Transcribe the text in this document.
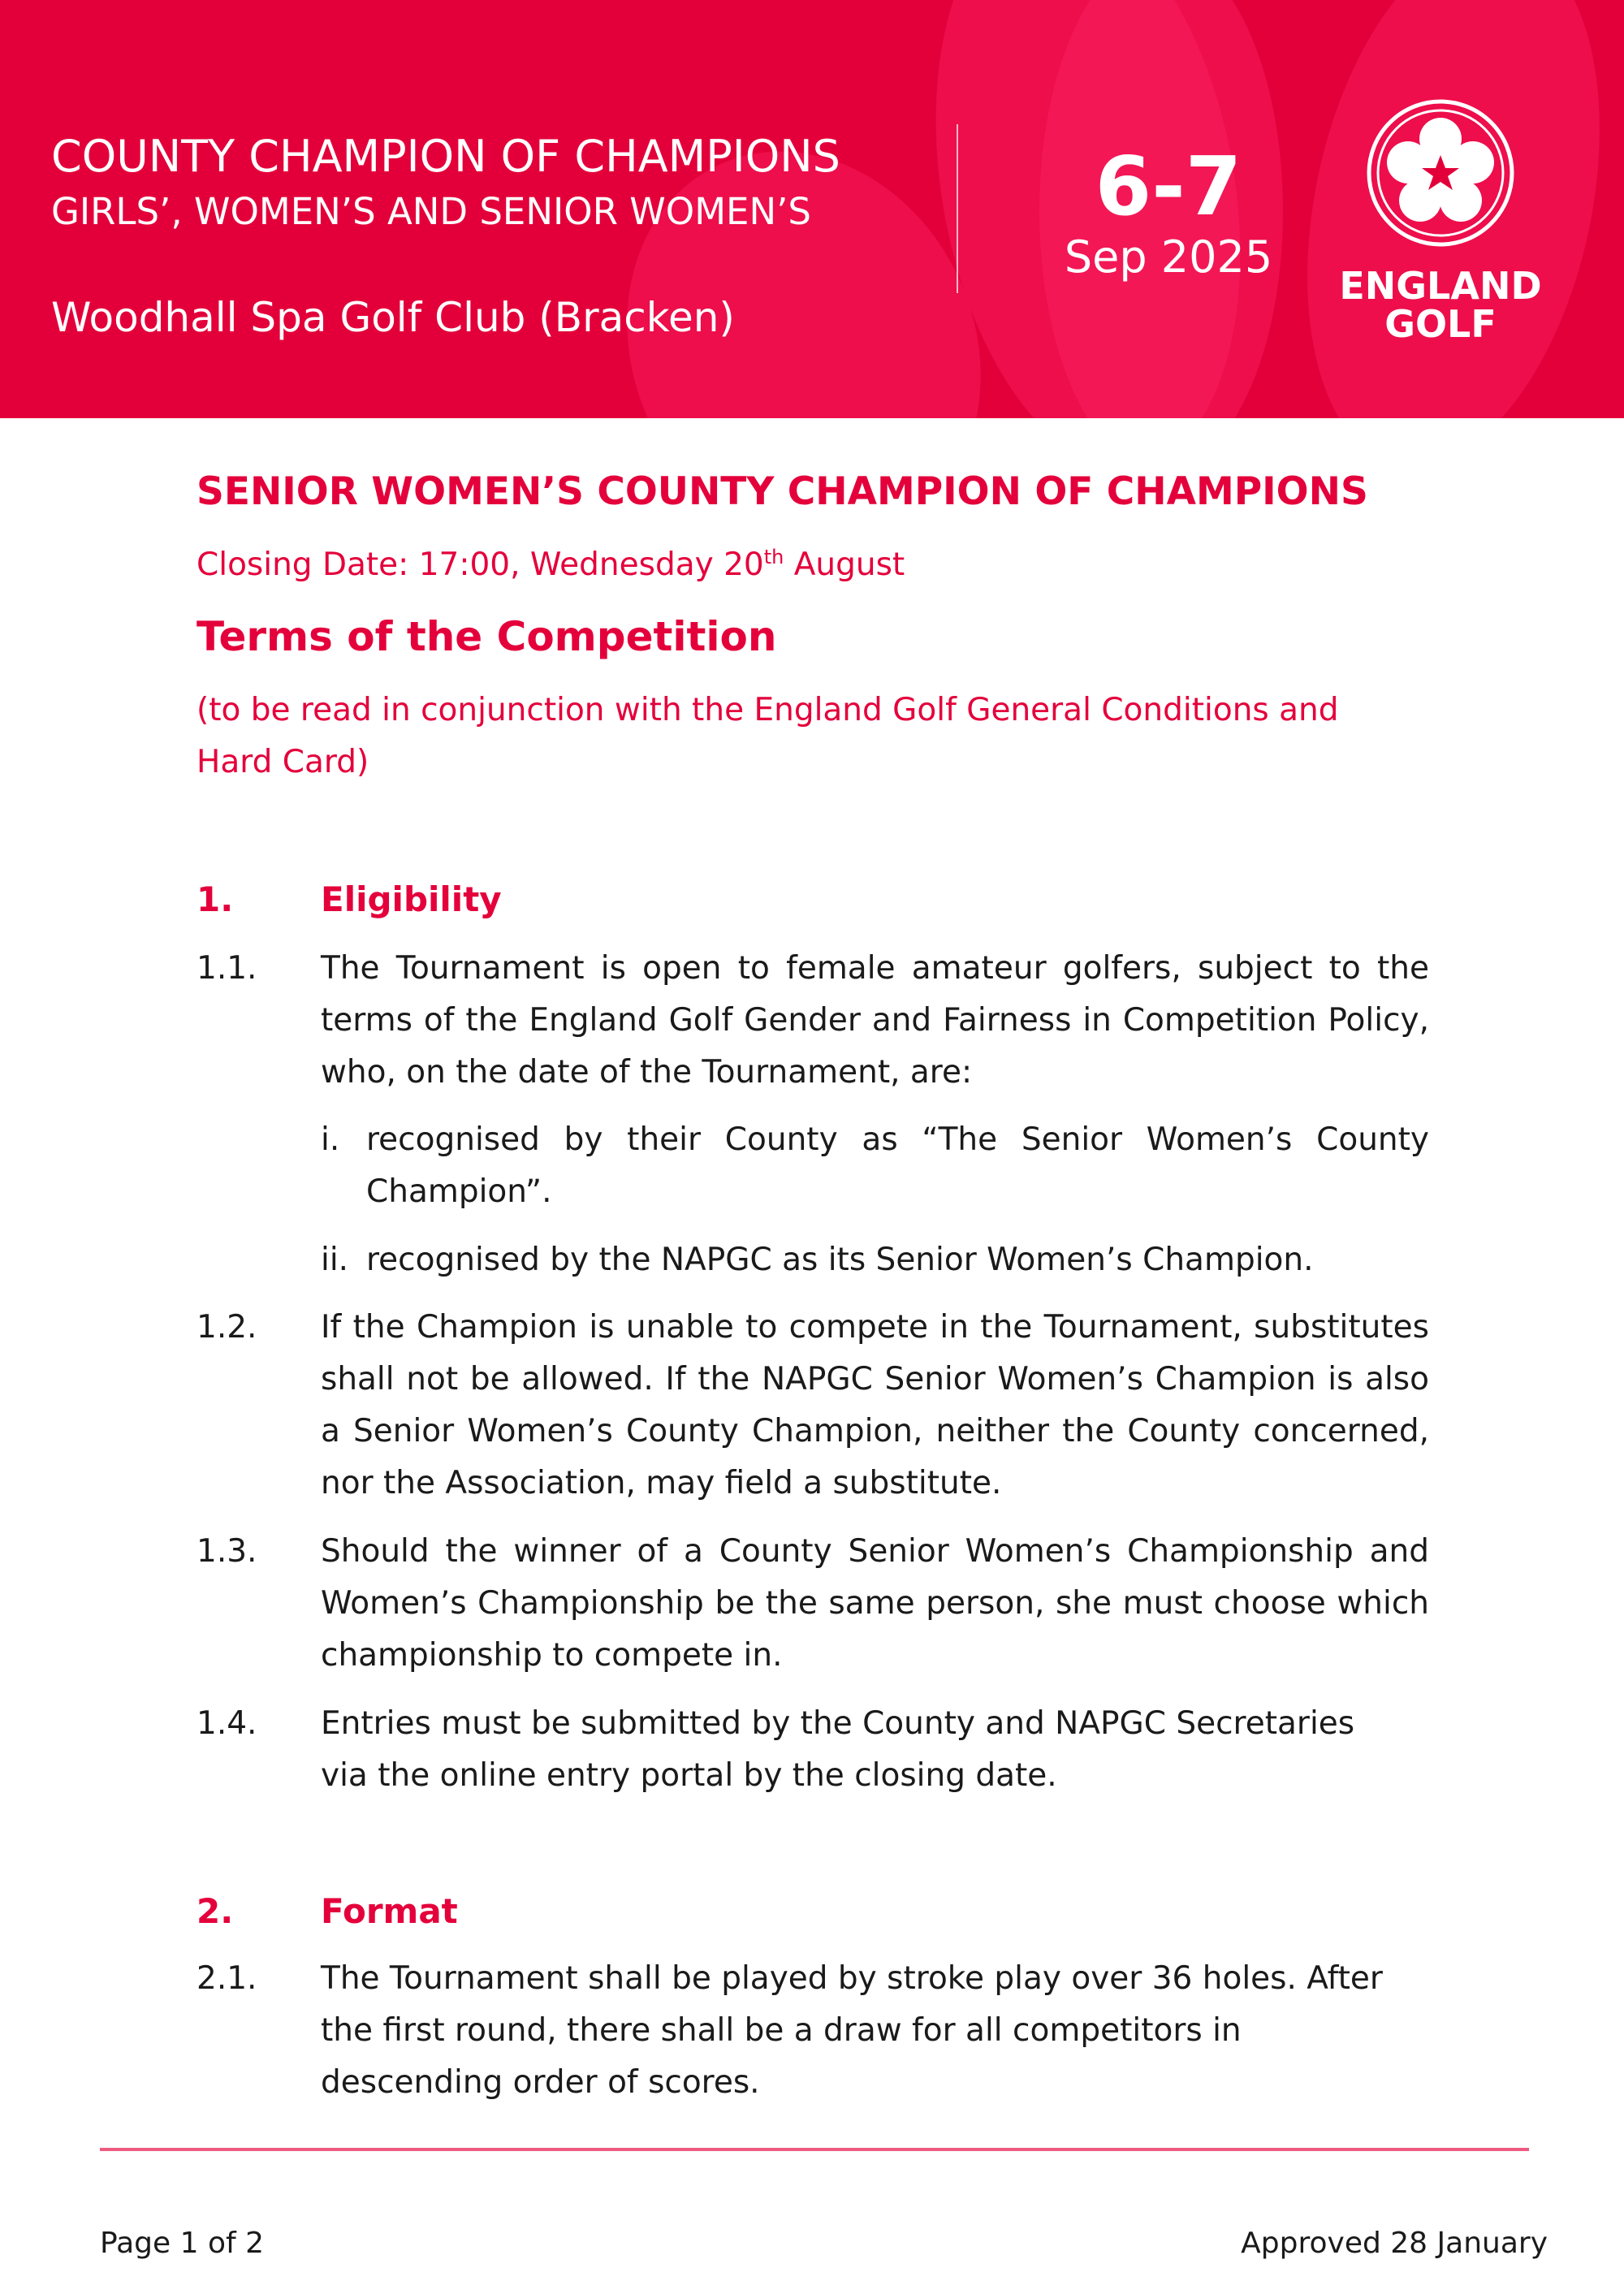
COUNTY CHAMPION OF CHAMPIONS
GIRLS’, WOMEN’S AND SENIOR WOMEN’S
Woodhall Spa Golf Club (Bracken)
6-7
Sep 2025
ENGLAND
GOLF
SENIOR WOMEN’S COUNTY CHAMPION OF CHAMPIONS
Closing Date: 17:00, Wednesday 20th August
Terms of the Competition
(to be read in conjunction with the England Golf General Conditions and Hard Card)
1.	Eligibility
1.1. The Tournament is open to female amateur golfers, subject to the terms of the England Golf Gender and Fairness in Competition Policy, who, on the date of the Tournament, are:
i. recognised by their County as “The Senior Women’s County Champion”.
ii. recognised by the NAPGC as its Senior Women’s Champion.
1.2. If the Champion is unable to compete in the Tournament, substitutes shall not be allowed. If the NAPGC Senior Women’s Champion is also a Senior Women’s County Champion, neither the County concerned, nor the Association, may field a substitute.
1.3. Should the winner of a County Senior Women’s Championship and Women’s Championship be the same person, she must choose which championship to compete in.
1.4. Entries must be submitted by the County and NAPGC Secretaries via the online entry portal by the closing date.
2.	Format
2.1. The Tournament shall be played by stroke play over 36 holes. After the first round, there shall be a draw for all competitors in descending order of scores.
Page 1 of 2	Approved 28 January
